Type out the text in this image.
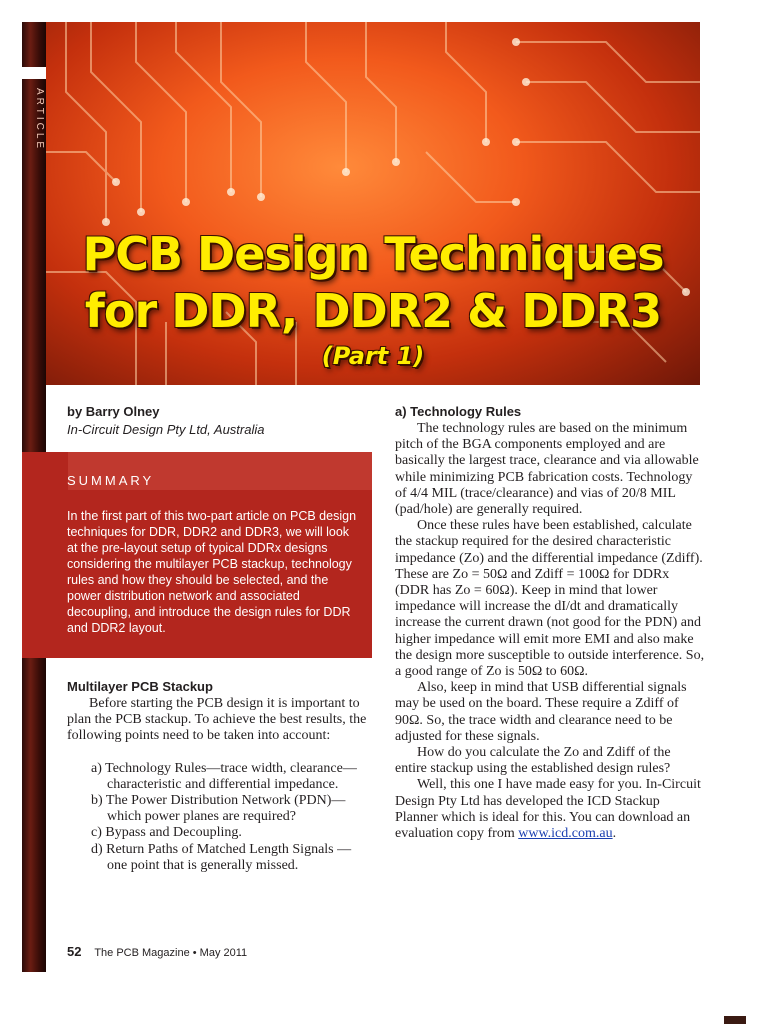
ARTICLE
PCB Design Techniques
for DDR, DDR2 & DDR3
(Part 1)
by Barry Olney
In-Circuit Design Pty Ltd, Australia
SUMMARY
In the first part of this two-part article on PCB design techniques for DDR, DDR2 and DDR3, we will look at the pre-layout setup of typical DDRx designs considering the multilayer PCB stackup, technology rules and how they should be selected, and the power distribution network and associated decoupling, and introduce the design rules for DDR and DDR2 layout.
Multilayer PCB Stackup

Before starting the PCB design it is important to plan the PCB stackup. To achieve the best results, the following points need to be taken into account:

a) Technology Rules—trace width, clearance—characteristic and differential impedance.
b) The Power Distribution Network (PDN)— which power planes are required?
c) Bypass and Decoupling.
d) Return Paths of Matched Length Signals —one point that is generally missed.
a) Technology Rules

The technology rules are based on the minimum pitch of the BGA components employed and are basically the largest trace, clearance and via allowable while minimizing PCB fabrication costs. Technology of 4/4 MIL (trace/clearance) and vias of 20/8 MIL (pad/hole) are generally required.

Once these rules have been established, calculate the stackup required for the desired characteristic impedance (Zo) and the differential impedance (Zdiff). These are Zo = 50Ω and Zdiff = 100Ω for DDRx (DDR has Zo = 60Ω). Keep in mind that lower impedance will increase the dI/dt and dramatically increase the current drawn (not good for the PDN) and higher impedance will emit more EMI and also make the design more susceptible to outside interference. So, a good range of Zo is 50Ω to 60Ω.

Also, keep in mind that USB differential signals may be used on the board. These require a Zdiff of 90Ω. So, the trace width and clearance need to be adjusted for these signals.

How do you calculate the Zo and Zdiff of the entire stackup using the established design rules?

Well, this one I have made easy for you. In-Circuit Design Pty Ltd has developed the ICD Stackup Planner which is ideal for this. You can download an evaluation copy from www.icd.com.au.

52 The PCB Magazine • May 2011
